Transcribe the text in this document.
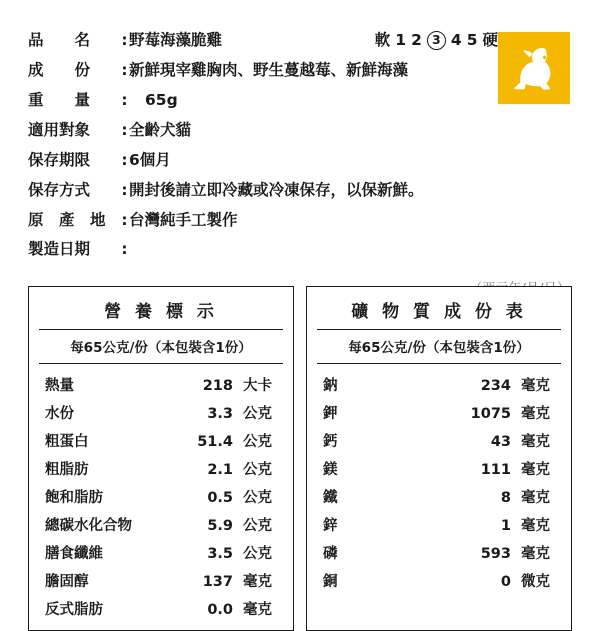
品　　名	: 野莓海藻脆雞	軟 1 2 3 4 5 硬
成　　份	: 新鮮現宰雞胸肉、野生蔓越莓、新鮮海藻
重　　量	:	65g
適用對象	: 全齡犬貓
保存期限	: 6個月
保存方式	: 開封後請立即冷藏或冷凍保存，以保新鮮。
原　產　地	: 台灣純手工製作
製造日期	:
營 養 標 示
每65公克/份（本包裝含1份）
熱量	218 大卡
水份	3.3 公克
粗蛋白	51.4 公克
粗脂肪	2.1 公克
飽和脂肪	0.5 公克
總碳水化合物	5.9 公克
膳食纖維	3.5 公克
膽固醇	137 毫克
反式脂肪	0.0 毫克
礦 物 質 成 份 表
每65公克/份（本包裝含1份）
鈉	234 毫克
鉀	1075 毫克
鈣	43 毫克
鎂	111 毫克
鐵	8 毫克
鋅	1 毫克
磷	593 毫克
銅	0 微克
